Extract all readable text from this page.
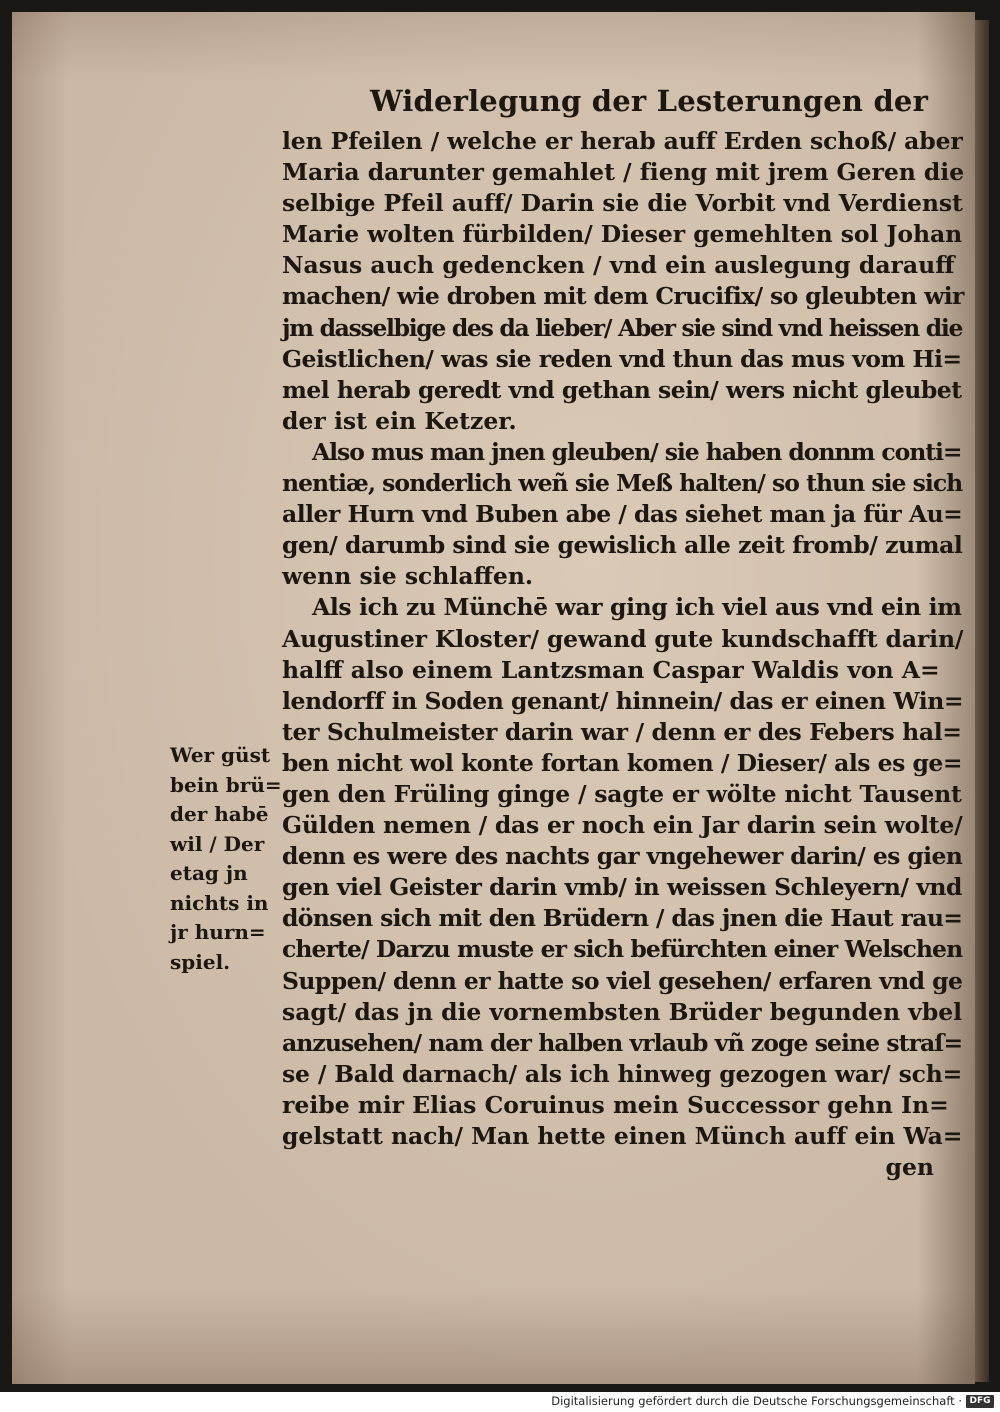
Widerlegung der Lesterungen der
len Pfeilen / welche er herab auff Erden schoß/ aber
Maria darunter gemahlet / fieng mit jrem Geren die
selbige Pfeil auff/ Darin sie die Vorbit vnd Verdienst
Marie wolten fürbilden/ Dieser gemehlten sol Johan
Nasus auch gedencken / vnd ein auslegung darauff
machen/ wie droben mit dem Crucifix/ so gleubten wir
jm dasselbige des da lieber/ Aber sie sind vnd heissen die
Geistlichen/ was sie reden vnd thun das mus vom Hi=
mel herab geredt vnd gethan sein/ wers nicht gleubet
der ist ein Ketzer.
Also mus man jnen gleuben/ sie haben donnm conti=
nentiæ, sonderlich weñ sie Meß halten/ so thun sie sich
aller Hurn vnd Buben abe / das siehet man ja für Au=
gen/ darumb sind sie gewislich alle zeit fromb/ zumal
wenn sie schlaffen.
Als ich zu Münchē war ging ich viel aus vnd ein im
Augustiner Kloster/ gewand gute kundschafft darin/
halff also einem Lantzsman Caspar Waldis von A=
lendorff in Soden genant/ hinnein/ das er einen Win=
ter Schulmeister darin war / denn er des Febers hal=
ben nicht wol konte fortan komen / Dieser/ als es ge=
gen den Früling ginge / sagte er wölte nicht Tausent
Gülden nemen / das er noch ein Jar darin sein wolte/
denn es were des nachts gar vngehewer darin/ es gien
gen viel Geister darin vmb/ in weissen Schleyern/ vnd
dönsen sich mit den Brüdern / das jnen die Haut rau=
cherte/ Darzu muste er sich befürchten einer Welschen
Suppen/ denn er hatte so viel gesehen/ erfaren vnd ge
sagt/ das jn die vornembsten Brüder begunden vbel
anzusehen/ nam der halben vrlaub vñ zoge seine straſ=
se / Bald darnach/ als ich hinweg gezogen war/ sch=
reibe mir Elias Coruinus mein Successor gehn In=
gelstatt nach/ Man hette einen Münch auff ein Wa=
gen
Wer güst
bein brü=
der habē
wil / Der
etag jn
nichts in
jr hurn=
spiel.
Digitalisierung gefördert durch die Deutsche Forschungsgemeinschaft · DFG
